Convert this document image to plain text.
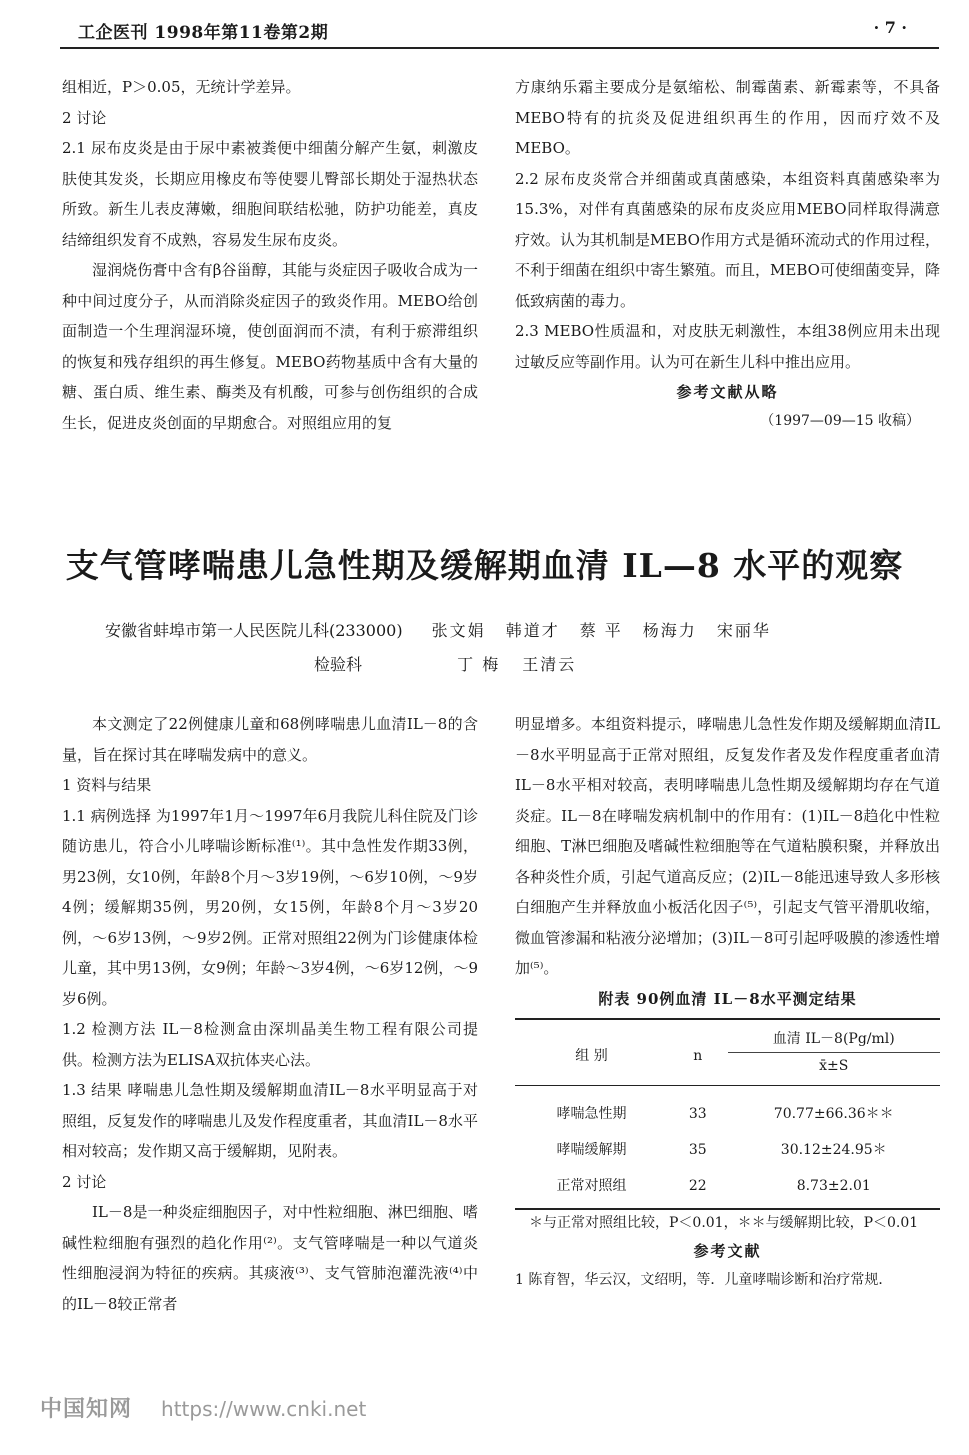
工企医刊 1998年第11卷第2期	· 7 ·

组相近，P＞0.05，无统计学差异。

2 讨论

2.1 尿布皮炎是由于尿中素被粪便中细菌分解产生氨，刺激皮肤使其发炎，长期应用橡皮布等使婴儿臀部长期处于湿热状态所致。新生儿表皮薄嫩，细胞间联结松驰，防护功能差，真皮结缔组织发育不成熟，容易发生尿布皮炎。

湿润烧伤膏中含有β谷甾醇，其能与炎症因子吸收合成为一种中间过度分子，从而消除炎症因子的致炎作用。MEBO给创面制造一个生理润湿环境，使创面润而不渍，有利于瘀滞组织的恢复和残存组织的再生修复。MEBO药物基质中含有大量的糖、蛋白质、维生素、酶类及有机酸，可参与创伤组织的合成生长，促进皮炎创面的早期愈合。对照组应用的复

方康纳乐霜主要成分是氨缩松、制霉菌素、新霉素等，不具备MEBO特有的抗炎及促进组织再生的作用，因而疗效不及MEBO。

2.2 尿布皮炎常合并细菌或真菌感染，本组资料真菌感染率为15.3%，对伴有真菌感染的尿布皮炎应用MEBO同样取得满意疗效。认为其机制是MEBO作用方式是循环流动式的作用过程，不利于细菌在组织中寄生繁殖。而且，MEBO可使细菌变异，降低致病菌的毒力。

2.3 MEBO性质温和，对皮肤无刺激性，本组38例应用未出现过敏反应等副作用。认为可在新生儿科中推出应用。

参考文献从略

（1997—09—15 收稿）

支气管哮喘患儿急性期及缓解期血清 IL—8 水平的观察
安徽省蚌埠市第一人民医院儿科(233000) 张文娟 韩道才 蔡 平 杨海力 宋丽华
检验科	丁 梅 王清云

本文测定了22例健康儿童和68例哮喘患儿血清IL－8的含量，旨在探讨其在哮喘发病中的意义。

1 资料与结果

1.1 病例选择 为1997年1月～1997年6月我院儿科住院及门诊随访患儿，符合小儿哮喘诊断标准⁽¹⁾。其中急性发作期33例，男23例，女10例，年龄8个月～3岁19例，～6岁10例，～9岁4例；缓解期35例，男20例，女15例，年龄8个月～3岁20例，～6岁13例，～9岁2例。正常对照组22例为门诊健康体检儿童，其中男13例，女9例；年龄～3岁4例，～6岁12例，～9岁6例。

1.2 检测方法 IL－8检测盒由深圳晶美生物工程有限公司提供。检测方法为ELISA双抗体夹心法。

1.3 结果 哮喘患儿急性期及缓解期血清IL－8水平明显高于对照组，反复发作的哮喘患儿及发作程度重者，其血清IL－8水平相对较高；发作期又高于缓解期，见附表。

2 讨论

IL－8是一种炎症细胞因子，对中性粒细胞、淋巴细胞、嗜碱性粒细胞有强烈的趋化作用⁽²⁾。支气管哮喘是一种以气道炎性细胞浸润为特征的疾病。其痰液⁽³⁾、支气管肺泡灌洗液⁽⁴⁾中的IL－8较正常者

明显增多。本组资料提示，哮喘患儿急性发作期及缓解期血清IL－8水平明显高于正常对照组，反复发作者及发作程度重者血清IL－8水平相对较高，表明哮喘患儿急性期及缓解期均存在气道炎症。IL－8在哮喘发病机制中的作用有：(1)IL－8趋化中性粒细胞、T淋巴细胞及嗜碱性粒细胞等在气道粘膜积聚，并释放出各种炎性介质，引起气道高反应；(2)IL－8能迅速导致人多形核白细胞产生并释放血小板活化因子⁽⁵⁾，引起支气管平滑肌收缩，微血管渗漏和粘液分泌增加；(3)IL－8可引起呼吸膜的渗透性增加⁽⁵⁾。

附表 90例血清 IL－8水平测定结果

组 别	n	血清 IL－8(Pg/ml)
		x̄±S
哮喘急性期	33	70.77±66.36＊＊
哮喘缓解期	35	30.12±24.95＊
正常对照组	22	8.73±2.01

＊与正常对照组比较，P＜0.01，＊＊与缓解期比较，P＜0.01

参考文献

1 陈育智，华云汉，文绍明，等．儿童哮喘诊断和治疗常规．

中国知网 https://www.cnki.net
